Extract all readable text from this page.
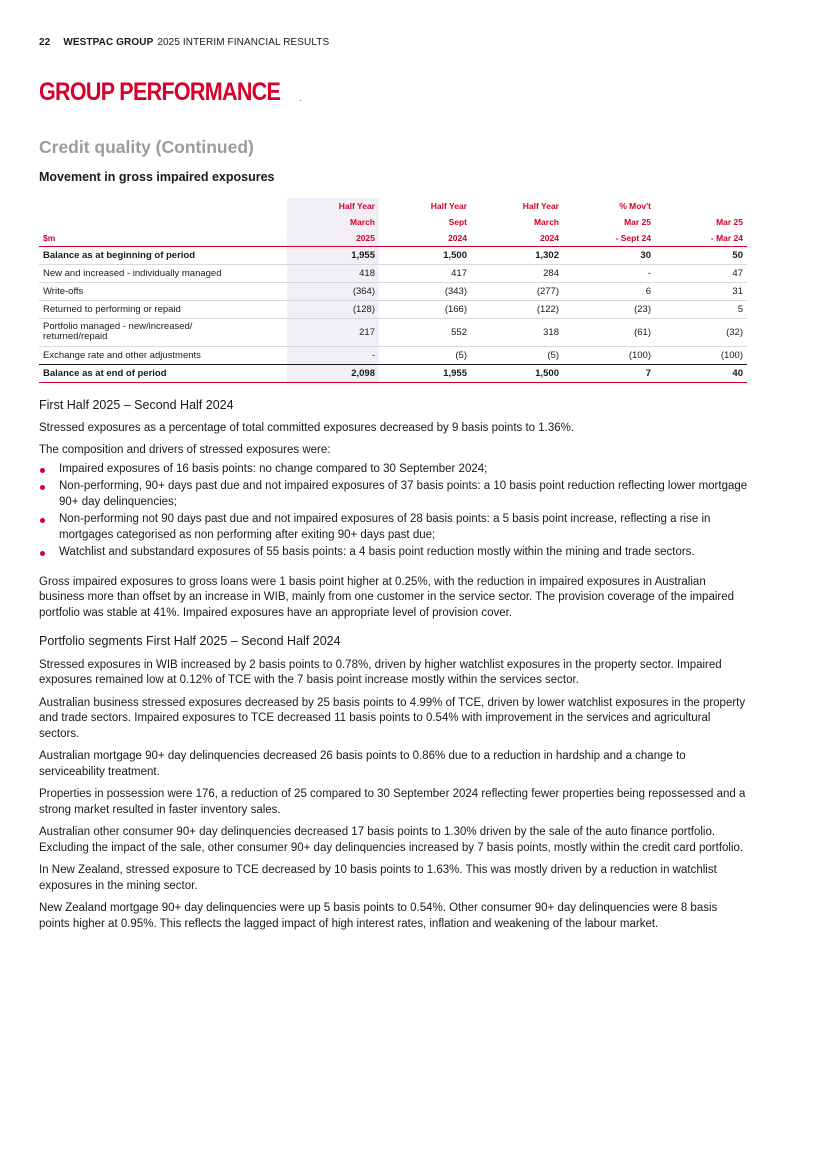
22 WESTPAC GROUP 2025 INTERIM FINANCIAL RESULTS
GROUP PERFORMANCE
Credit quality (Continued)
Movement in gross impaired exposures
	Half Year	Half Year	Half Year	% Mov't	
	March	Sept	March	Mar 25	Mar 25
$m	2025	2024	2024	- Sept 24	- Mar 24
Balance as at beginning of period	1,955	1,500	1,302	30	50
New and increased - individually managed	418	417	284	-	47
Write-offs	(364)	(343)	(277)	6	31
Returned to performing or repaid	(128)	(166)	(122)	(23)	5
Portfolio managed - new/increased/ returned/repaid	217	552	318	(61)	(32)
Exchange rate and other adjustments	-	(5)	(5)	(100)	(100)
Balance as at end of period	2,098	1,955	1,500	7	40
First Half 2025 – Second Half 2024

Stressed exposures as a percentage of total committed exposures decreased by 9 basis points to 1.36%.

The composition and drivers of stressed exposures were:

Impaired exposures of 16 basis points: no change compared to 30 September 2024;
Non-performing, 90+ days past due and not impaired exposures of 37 basis points: a 10 basis point reduction reflecting lower mortgage 90+ day delinquencies;
Non-performing not 90 days past due and not impaired exposures of 28 basis points: a 5 basis point increase, reflecting a rise in mortgages categorised as non performing after exiting 90+ days past due;
Watchlist and substandard exposures of 55 basis points: a 4 basis point reduction mostly within the mining and trade sectors.

Gross impaired exposures to gross loans were 1 basis point higher at 0.25%, with the reduction in impaired exposures in Australian business more than offset by an increase in WIB, mainly from one customer in the service sector. The provision coverage of the impaired portfolio was stable at 41%. Impaired exposures have an appropriate level of provision cover.

Portfolio segments First Half 2025 – Second Half 2024

Stressed exposures in WIB increased by 2 basis points to 0.78%, driven by higher watchlist exposures in the property sector. Impaired exposures remained low at 0.12% of TCE with the 7 basis point increase mostly within the services sector.

Australian business stressed exposures decreased by 25 basis points to 4.99% of TCE, driven by lower watchlist exposures in the property and trade sectors. Impaired exposures to TCE decreased 11 basis points to 0.54% with improvement in the services and agricultural sectors.

Australian mortgage 90+ day delinquencies decreased 26 basis points to 0.86% due to a reduction in hardship and a change to serviceability treatment.

Properties in possession were 176, a reduction of 25 compared to 30 September 2024 reflecting fewer properties being repossessed and a strong market resulted in faster inventory sales.

Australian other consumer 90+ day delinquencies decreased 17 basis points to 1.30% driven by the sale of the auto finance portfolio. Excluding the impact of the sale, other consumer 90+ day delinquencies increased by 7 basis points, mostly within the credit card portfolio.

In New Zealand, stressed exposure to TCE decreased by 10 basis points to 1.63%. This was mostly driven by a reduction in watchlist exposures in the mining sector.

New Zealand mortgage 90+ day delinquencies were up 5 basis points to 0.54%. Other consumer 90+ day delinquencies were 8 basis points higher at 0.95%. This reflects the lagged impact of high interest rates, inflation and weakening of the labour market.
